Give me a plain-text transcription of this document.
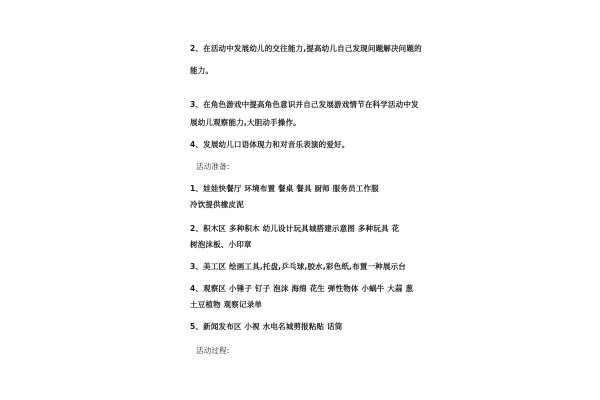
2、在活动中发展幼儿的交往能力,提高幼儿自己发现问题解决问题的
能力。
3、在角色游戏中提高角色意识并自己发展游戏情节在科学活动中发
展幼儿观察能力,大胆动手操作。
4、发展幼儿口语体现力和对音乐表演的爱好。
活动准备:
1、娃娃快餐厅 环境布置 餐桌 餐具 厨师 服务员工作服
冷饮提供橡皮泥
2、积木区 多种积木 幼儿设计玩具城搭建示意图 多种玩具 花
树泡沫板、小印章
3、美工区 绘画工具,托盘,乒乓球,胶水,彩色纸,布置一种展示台
4、观察区 小锤子 钉子 泡沫 海绵 花生 弹性物体 小蜗牛 大蒜 葱
土豆植物 观察记录单
5、新闻发布区 小视 水电名城剪报粘贴 话筒
活动过程:
